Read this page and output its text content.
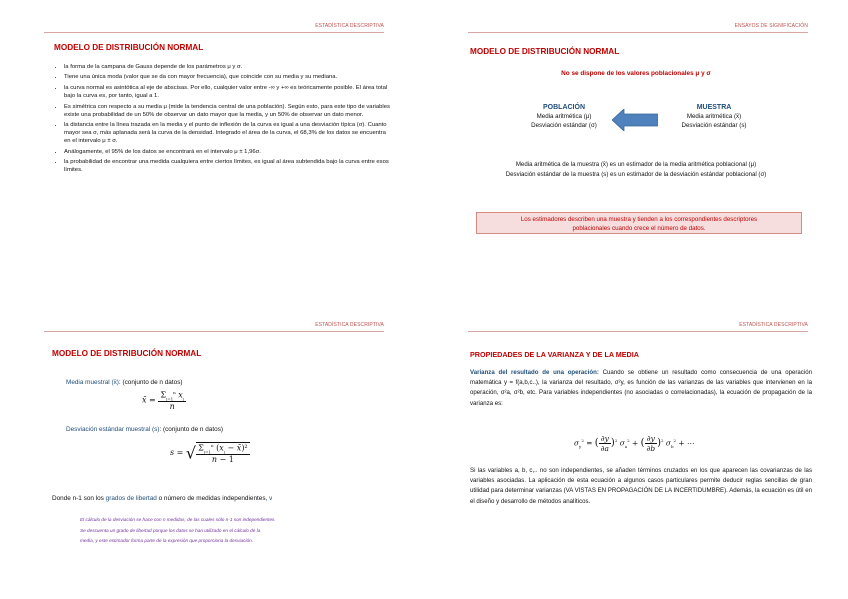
ESTADÍSTICA DESCRIPTIVA
MODELO DE DISTRIBUCIÓN NORMAL
• la forma de la campana de Gauss depende de los parámetros μ y σ.
• Tiene una única moda (valor que se da con mayor frecuencia), que coincide con su media y su mediana.
• la curva normal es asintótica al eje de abscisas. Por ello, cualquier valor entre -∞ y +∞ es teóricamente posible. El área total bajo la curva es, por tanto, igual a 1.
• Es simétrica con respecto a su media μ (mide la tendencia central de una población). Según esto, para este tipo de variables existe una probabilidad de un 50% de observar un dato mayor que la media, y un 50% de observar un dato menor.
• la distancia entre la línea trazada en la media y el punto de inflexión de la curva es igual a una desviación típica (σ). Cuanto mayor sea σ, más aplanada será la curva de la densidad. Integrado el área de la curva, el 68,3% de los datos se encuentra en el intervalo μ ± σ.
• Análogamente, el 95% de los datos se encontrará en el intervalo μ ± 1,96σ.
• la probabilidad de encontrar una medida cualquiera entre ciertos límites, es igual al área subtendida bajo la curva entre esos límites.
ENSAYOS DE SIGNIFICACIÓN
MODELO DE DISTRIBUCIÓN NORMAL
No se dispone de los valores poblacionales μ y σ
POBLACIÓN
Media aritmética (μ)
Desviación estándar (σ)
MUESTRA
Media aritmética (x̄)
Desviación estándar (s)
Media aritmética de la muestra (x̄) es un estimador de la media aritmética poblacional (μ)
Desviación estándar de la muestra (s) es un estimador de la desviación estándar poblacional (σ)
Los estimadores describen una muestra y tienden a los correspondientes descriptores
poblacionales cuando crece el número de datos.
ESTADÍSTICA DESCRIPTIVA
MODELO DE DISTRIBUCIÓN NORMAL
Media muestral (x̄): (conjunto de n datos)
x̄ = $\frac{\Sigma_{i=1}^n x_i}{n}$
Desviación estándar muestral (s): (conjunto de n datos)
s = √ $\frac{\Sigma_{i=1}^n (x_i - x̄)^2}{n - 1}$
Donde n-1 son los grados de libertad o número de medidas independientes, ν
El cálculo de la desviación se hace con n medidas, de las cuales sólo n-1 son independientes.
Se descuenta un grado de libertad porque los datos se han utilizado en el cálculo de la
media, y este estimador forma parte de la expresión que proporciona la desviación.
ESTADÍSTICA DESCRIPTIVA
PROPIEDADES DE LA VARIANZA Y DE LA MEDIA
Varianza del resultado de una operación: Cuando se obtiene un resultado como consecuencia de una operación matemática y = f(a,b,c..), la varianza del resultado, σ²y, es función de las varianzas de las variables que intervienen en la operación, σ²a, σ²b, etc. Para variables independientes (no asociadas o correlacionadas), la ecuación de propagación de la varianza es:
$\sigma_y^2$ = ( $\frac{\partial y}{\partial a} )^2$ $\sigma_a^2$ + ( $\frac{\partial y}{\partial b} )^2$ $\sigma_b^2$ + ⋯
Si las variables a, b, c,.. no son independientes, se añaden términos cruzados en los que aparecen las covarianzas de las variables asociadas. La aplicación de esta ecuación a algunos casos particulares permite deducir reglas sencillas de gran utilidad para determinar varianzas (VA VISTAS EN PROPAGACIÓN DE LA INCERTIDUMBRE). Además, la ecuación es útil en el diseño y desarrollo de métodos analíticos.
